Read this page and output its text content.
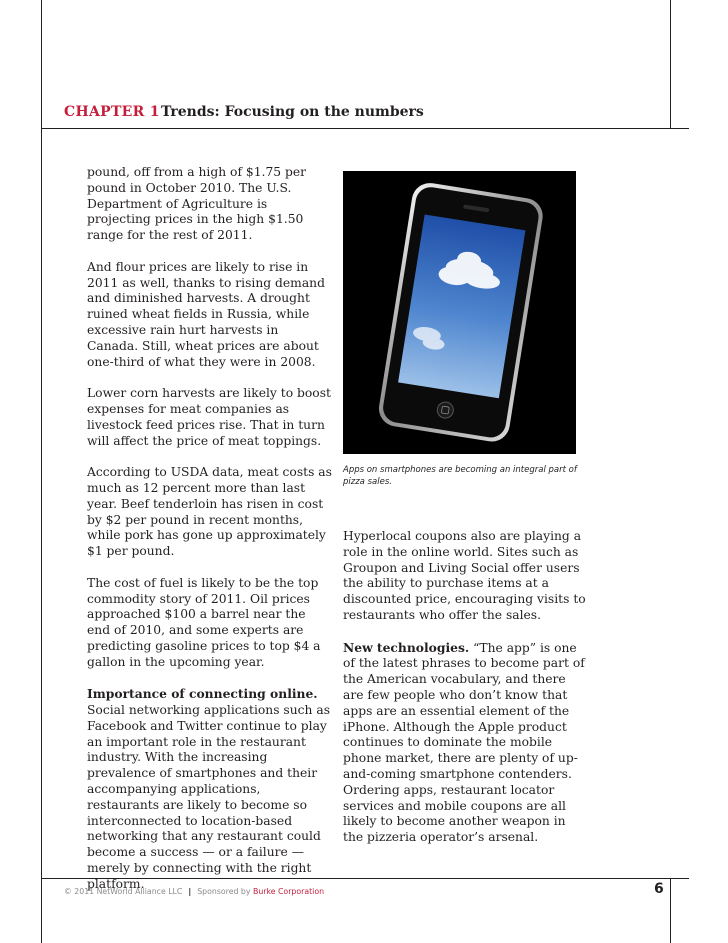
CHAPTER 1 Trends: Focusing on the numbers

pound, off from a high of $1.75 per pound in October 2010. The U.S. Department of Agriculture is projecting prices in the high $1.50 range for the rest of 2011.

And flour prices are likely to rise in 2011 as well, thanks to rising demand and diminished harvests. A drought ruined wheat fields in Russia, while excessive rain hurt harvests in Canada. Still, wheat prices are about one-third of what they were in 2008.

Lower corn harvests are likely to boost expenses for meat companies as livestock feed prices rise. That in turn will affect the price of meat toppings.

According to USDA data, meat costs as much as 12 percent more than last year. Beef tenderloin has risen in cost by $2 per pound in recent months, while pork has gone up approximately $1 per pound.

The cost of fuel is likely to be the top commodity story of 2011. Oil prices approached $100 a barrel near the end of 2010, and some experts are predicting gasoline prices to top $4 a gallon in the upcoming year.

Importance of connecting online. Social networking applications such as Facebook and Twitter continue to play an important role in the restaurant industry. With the increasing prevalence of smartphones and their accompanying applications, restaurants are likely to become so interconnected to location-based networking that any restaurant could become a success — or a failure — merely by connecting with the right platform.

Apps on smartphones are becoming an integral part of pizza sales.

Hyperlocal coupons also are playing a role in the online world. Sites such as Groupon and Living Social offer users the ability to purchase items at a discounted price, encouraging visits to restaurants who offer the sales.

New technologies. “The app” is one of the latest phrases to become part of the American vocabulary, and there are few people who don’t know that apps are an essential element of the iPhone. Although the Apple product continues to dominate the mobile phone market, there are plenty of up-and-coming smartphone contenders. Ordering apps, restaurant locator services and mobile coupons are all likely to become another weapon in the pizzeria operator’s arsenal.

© 2011 NetWorld Alliance LLC | Sponsored by Burke Corporation	6
